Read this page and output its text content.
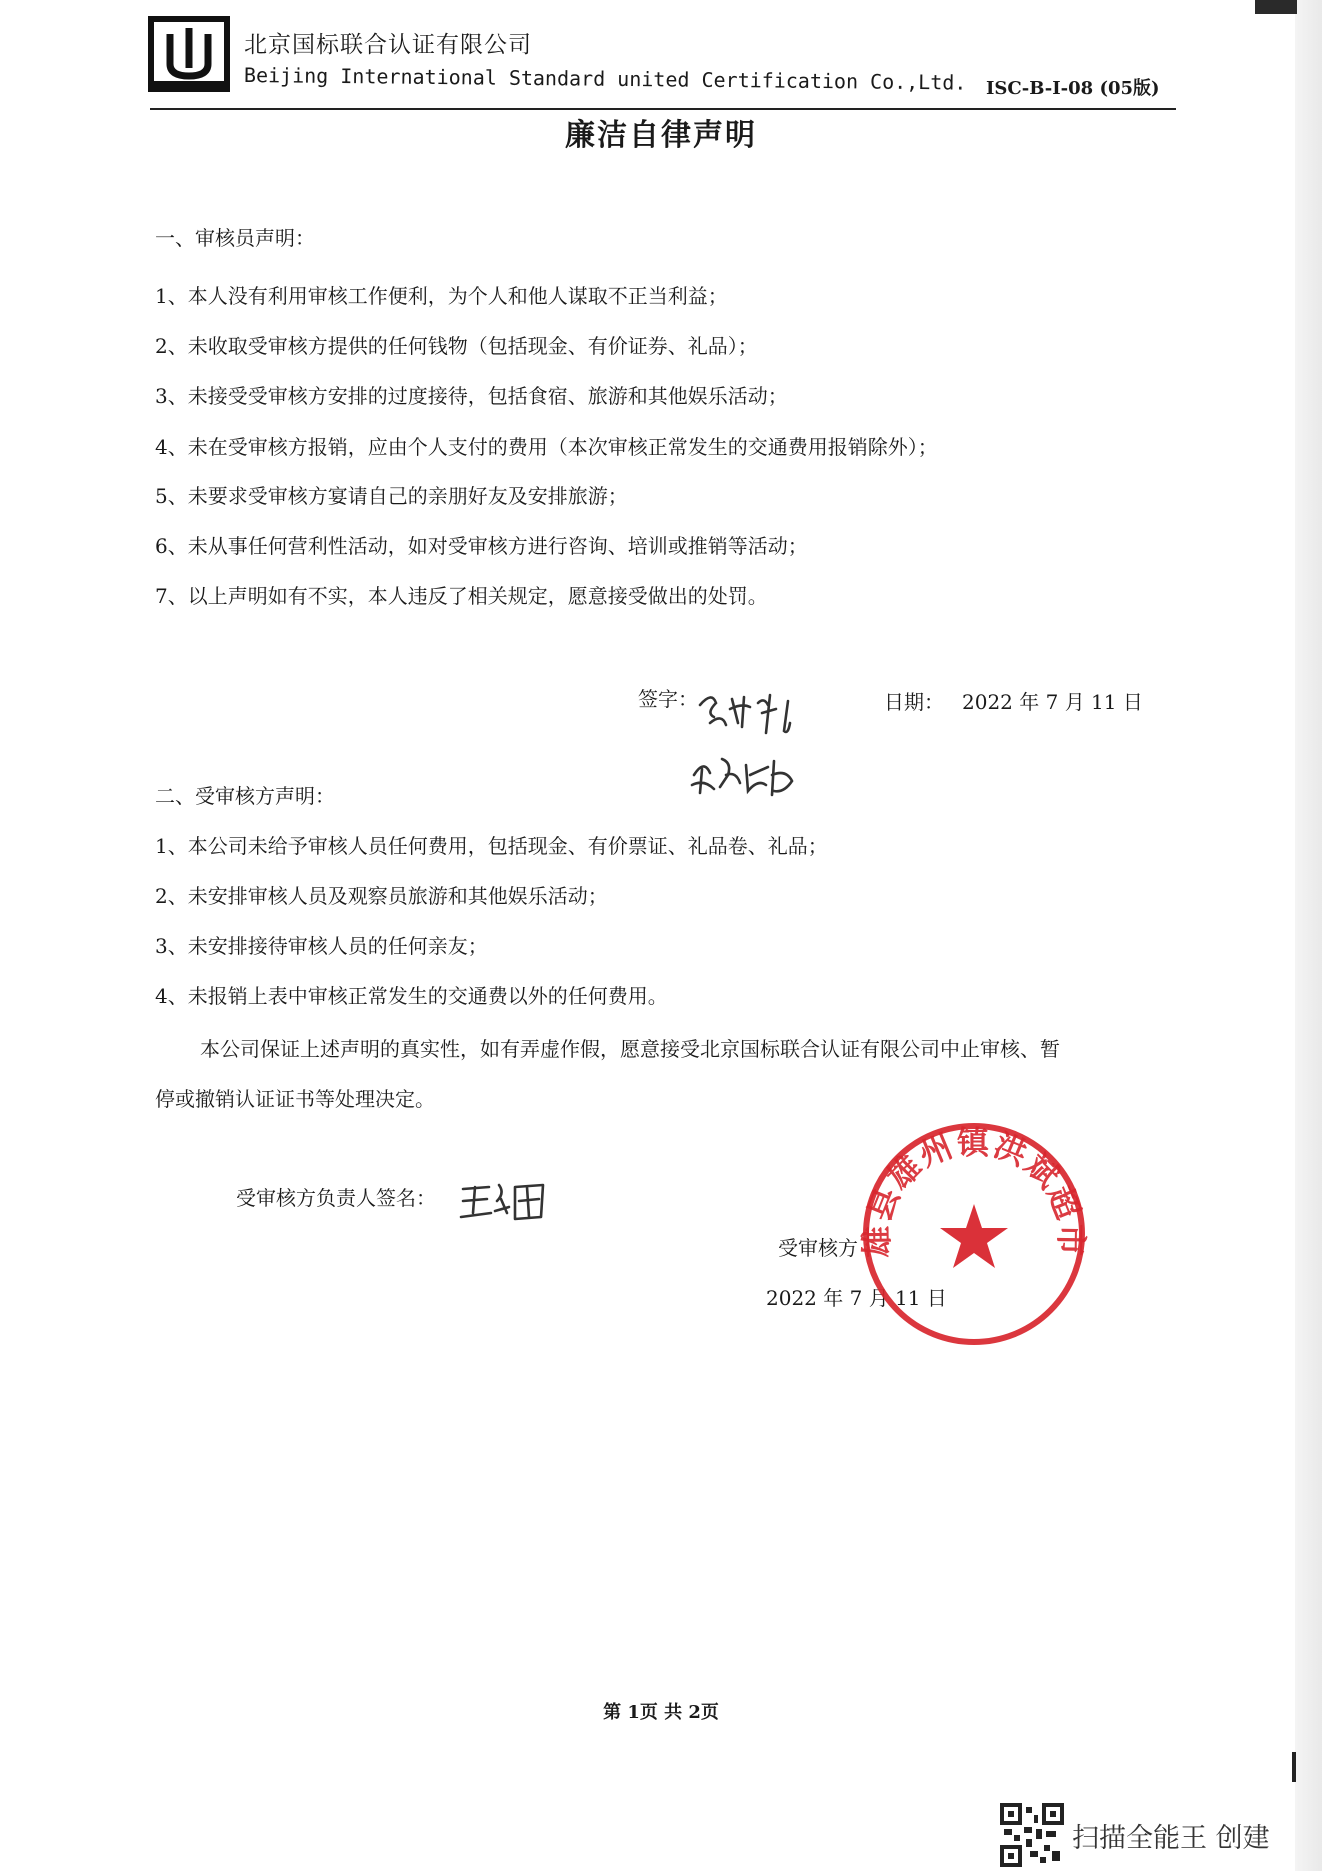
北京国标联合认证有限公司
Beijing International Standard united Certification Co.,Ltd. ISC-B-I-08 (05版)
廉洁自律声明
一、审核员声明：
1、本人没有利用审核工作便利，为个人和他人谋取不正当利益；
2、未收取受审核方提供的任何钱物（包括现金、有价证券、礼品）；
3、未接受受审核方安排的过度接待，包括食宿、旅游和其他娱乐活动；
4、未在受审核方报销，应由个人支付的费用（本次审核正常发生的交通费用报销除外）；
5、未要求受审核方宴请自己的亲朋好友及安排旅游；
6、未从事任何营利性活动，如对受审核方进行咨询、培训或推销等活动；
7、以上声明如有不实，本人违反了相关规定，愿意接受做出的处罚。
签字：	日期： 2022 年 7 月 11 日
二、受审核方声明：
1、本公司未给予审核人员任何费用，包括现金、有价票证、礼品卷、礼品；
2、未安排审核人员及观察员旅游和其他娱乐活动；
3、未安排接待审核人员的任何亲友；
4、未报销上表中审核正常发生的交通费以外的任何费用。
本公司保证上述声明的真实性，如有弄虚作假，愿意接受北京国标联合认证有限公司中止审核、暂
停或撤销认证证书等处理决定。
受审核方负责人签名：
受审核方
2022 年 7 月 11 日
雄县雄州镇洪斌超市
第 1页 共 2页
扫描全能王 创建
